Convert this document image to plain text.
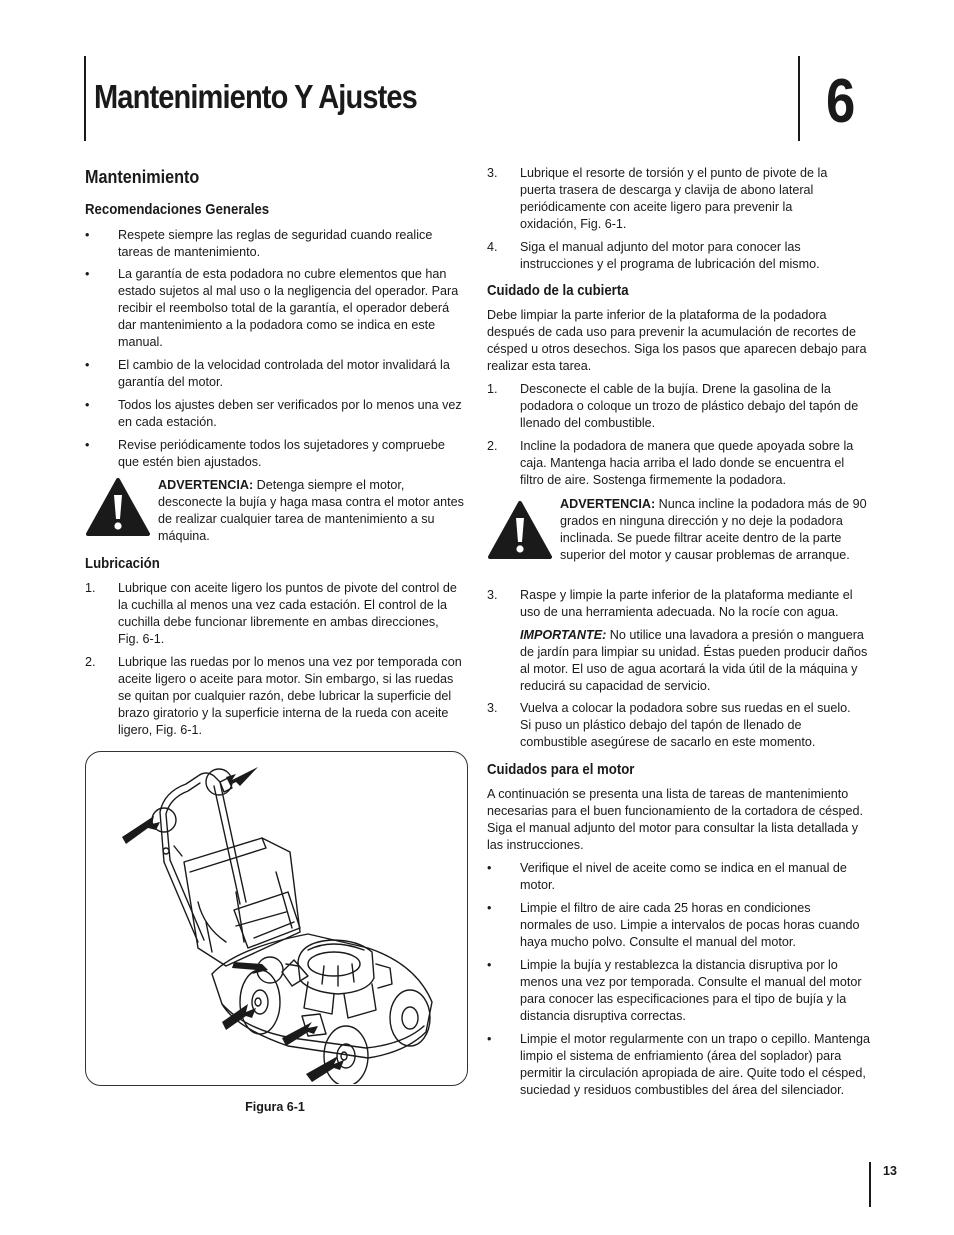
Mantenimiento Y Ajustes	6
Mantenimiento
Recomendaciones Generales
• Respete siempre las reglas de seguridad cuando realice tareas de mantenimiento.
• La garantía de esta podadora no cubre elementos que han estado sujetos al mal uso o la negligencia del operador. Para recibir el reembolso total de la garantía, el operador deberá dar mantenimiento a la podadora como se indica en este manual.
• El cambio de la velocidad controlada del motor invalidará la garantía del motor.
• Todos los ajustes deben ser verificados por lo menos una vez en cada estación.
• Revise periódicamente todos los sujetadores y compruebe que estén bien ajustados.
ADVERTENCIA: Detenga siempre el motor, desconecte la bujía y haga masa contra el motor antes de realizar cualquier tarea de mantenimiento a su máquina.
Lubricación
1. Lubrique con aceite ligero los puntos de pivote del control de la cuchilla al menos una vez cada estación. El control de la cuchilla debe funcionar libremente en ambas direcciones, Fig. 6-1.
2. Lubrique las ruedas por lo menos una vez por temporada con aceite ligero o aceite para motor. Sin embargo, si las ruedas se quitan por cualquier razón, debe lubricar la superficie del brazo giratorio y la superficie interna de la rueda con aceite ligero, Fig. 6-1.
Figura 6-1
3. Lubrique el resorte de torsión y el punto de pivote de la puerta trasera de descarga y clavija de abono lateral periódicamente con aceite ligero para prevenir la oxidación, Fig. 6-1.
4. Siga el manual adjunto del motor para conocer las instrucciones y el programa de lubricación del mismo.
Cuidado de la cubierta
Debe limpiar la parte inferior de la plataforma de la podadora después de cada uso para prevenir la acumulación de recortes de césped u otros desechos. Siga los pasos que aparecen debajo para realizar esta tarea.
1. Desconecte el cable de la bujía. Drene la gasolina de la podadora o coloque un trozo de plástico debajo del tapón de llenado del combustible.
2. Incline la podadora de manera que quede apoyada sobre la caja. Mantenga hacia arriba el lado donde se encuentra el filtro de aire. Sostenga firmemente la podadora.
ADVERTENCIA: Nunca incline la podadora más de 90 grados en ninguna dirección y no deje la podadora inclinada. Se puede filtrar aceite dentro de la parte superior del motor y causar problemas de arranque.
3. Raspe y limpie la parte inferior de la plataforma mediante el uso de una herramienta adecuada. No la rocíe con agua.
IMPORTANTE: No utilice una lavadora a presión o manguera de jardín para limpiar su unidad. Éstas pueden producir daños al motor. El uso de agua acortará la vida útil de la máquina y reducirá su capacidad de servicio.
3. Vuelva a colocar la podadora sobre sus ruedas en el suelo. Si puso un plástico debajo del tapón de llenado de combustible asegúrese de sacarlo en este momento.
Cuidados para el motor
A continuación se presenta una lista de tareas de mantenimiento necesarias para el buen funcionamiento de la cortadora de césped. Siga el manual adjunto del motor para consultar la lista detallada y las instrucciones.
• Verifique el nivel de aceite como se indica en el manual de motor.
• Limpie el filtro de aire cada 25 horas en condiciones normales de uso. Limpie a intervalos de pocas horas cuando haya mucho polvo. Consulte el manual del motor.
• Limpie la bujía y restablezca la distancia disruptiva por lo menos una vez por temporada. Consulte el manual del motor para conocer las especificaciones para el tipo de bujía y la distancia disruptiva correctas.
• Limpie el motor regularmente con un trapo o cepillo. Mantenga limpio el sistema de enfriamiento (área del soplador) para permitir la circulación apropiada de aire. Quite todo el césped, suciedad y residuos combustibles del área del silenciador.
13
